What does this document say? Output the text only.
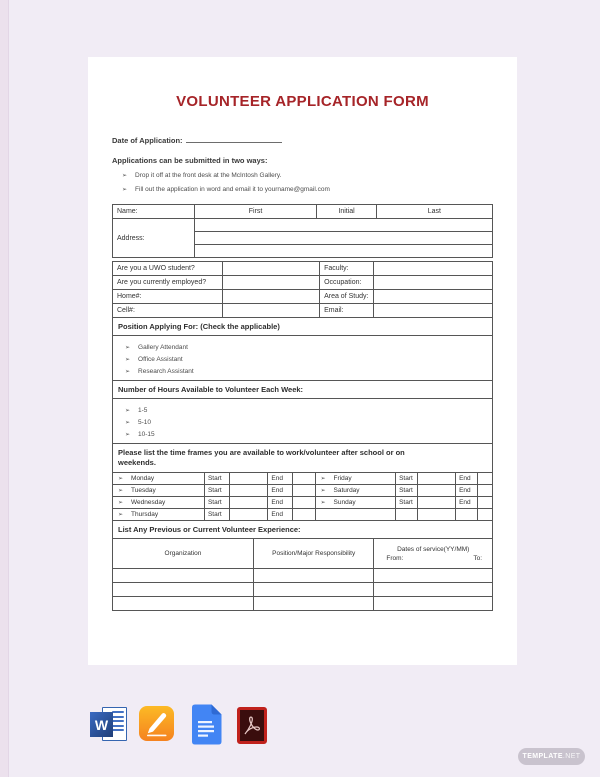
VOLUNTEER APPLICATION FORM
Date of Application:
Applications can be submitted in two ways:
➢ Drop it off at the front desk at the McIntosh Gallery.
➢ Fill out the application in word and email it to yourname@gmail.com
Name:	First	Initial	Last
Address:			

Are you a UWO student?		Faculty:	
Are you currently employed?		Occupation:	
Home#:		Area of Study:	
Cell#:		Email:	
Position Applying For: (Check the applicable)
➢ Gallery Attendant
➢ Office Assistant
➢ Research Assistant
Number of Hours Available to Volunteer Each Week:
➢ 1-5
➢ 5-10
➢ 10-15
Please list the time frames you are available to work/volunteer after school or on weekends.
➢ Monday	Start		End		➢ Friday	Start		End	
➢ Tuesday	Start		End		➢ Saturday	Start		End	
➢ Wednesday	Start		End		➢ Sunday	Start		End	
➢ Thursday	Start		End						
List Any Previous or Current Volunteer Experience:
Organization	Position/Major Responsibility	Dates of service(YY/MM)
From: To:

W
TEMPLATE .NET
